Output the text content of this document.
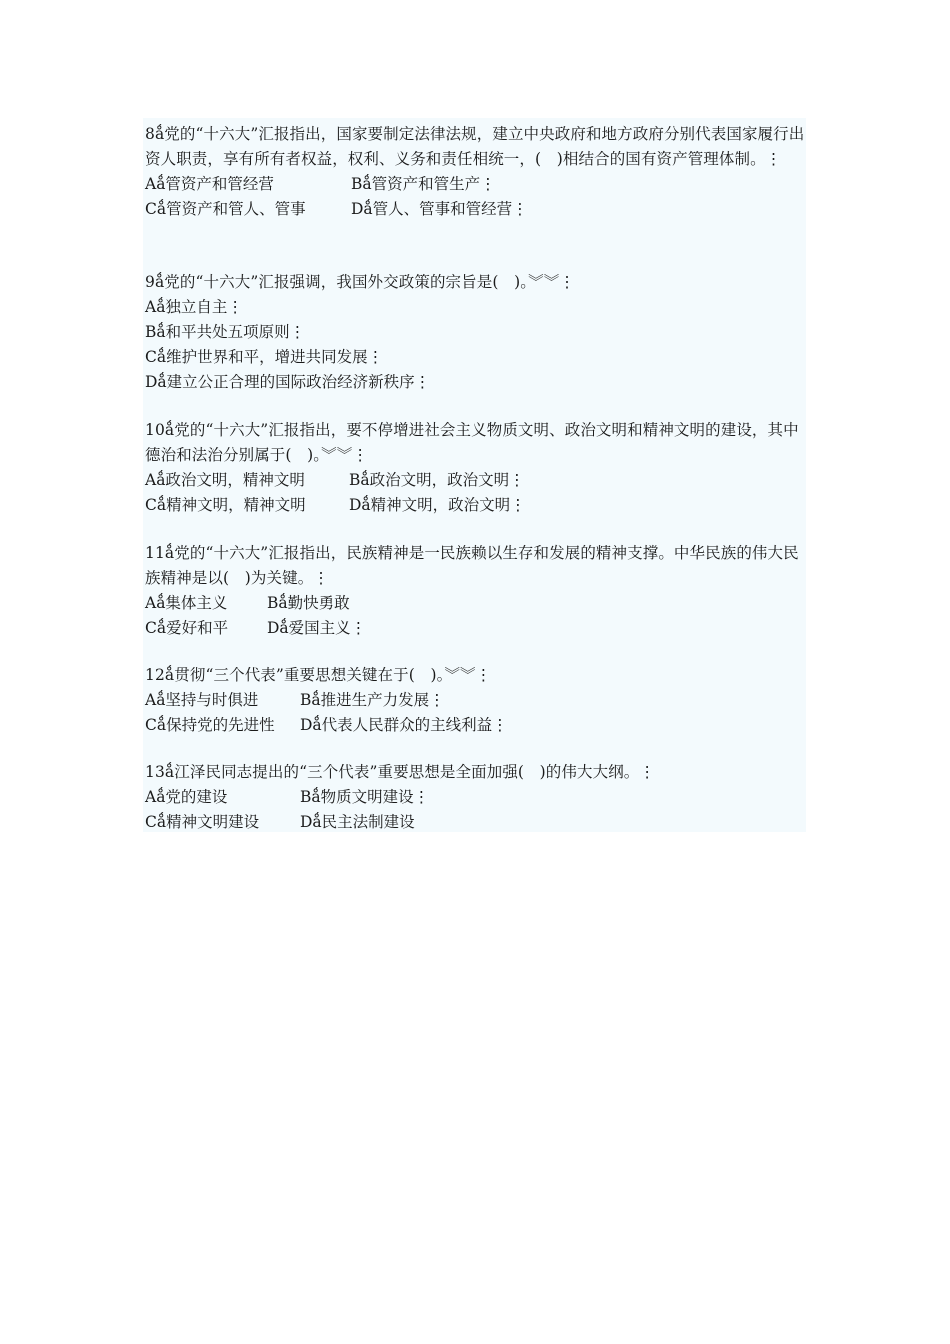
8ǻ党的“十六大”汇报指出，国家要制定法律法规，建立中央政府和地方政府分别代表国家履行出资人职责，享有所有者权益，权利、义务和责任相统一，(　)相结合的国有资产管理体制。⋮
Aǻ管资产和管经营	Bǻ管资产和管生产⋮
Cǻ管资产和管人、管事	Dǻ管人、管事和管经营⋮
9ǻ党的“十六大”汇报强调，我国外交政策的宗旨是(　)。︾︾⋮
Aǻ独立自主⋮
Bǻ和平共处五项原则⋮
Cǻ维护世界和平，增进共同发展⋮
Dǻ建立公正合理的国际政治经济新秩序⋮
10ǻ党的“十六大”汇报指出，要不停增进社会主义物质文明、政治文明和精神文明的建设，其中德治和法治分别属于(　)。︾︾⋮
Aǻ政治文明，精神文明	Bǻ政治文明，政治文明⋮
Cǻ精神文明，精神文明	Dǻ精神文明，政治文明⋮
11ǻ党的“十六大”汇报指出，民族精神是一民族赖以生存和发展的精神支撑。中华民族的伟大民族精神是以(　)为关键。⋮
Aǻ集体主义	Bǻ勤快勇敢
Cǻ爱好和平	Dǻ爱国主义⋮
12ǻ贯彻“三个代表”重要思想关键在于(　)。︾︾⋮
Aǻ坚持与时俱进	Bǻ推进生产力发展⋮
Cǻ保持党的先进性 Dǻ代表人民群众的主线利益⋮
13ǻ江泽民同志提出的“三个代表”重要思想是全面加强(　)的伟大大纲。⋮
Aǻ党的建设	Bǻ物质文明建设⋮
Cǻ精神文明建设	Dǻ民主法制建设
